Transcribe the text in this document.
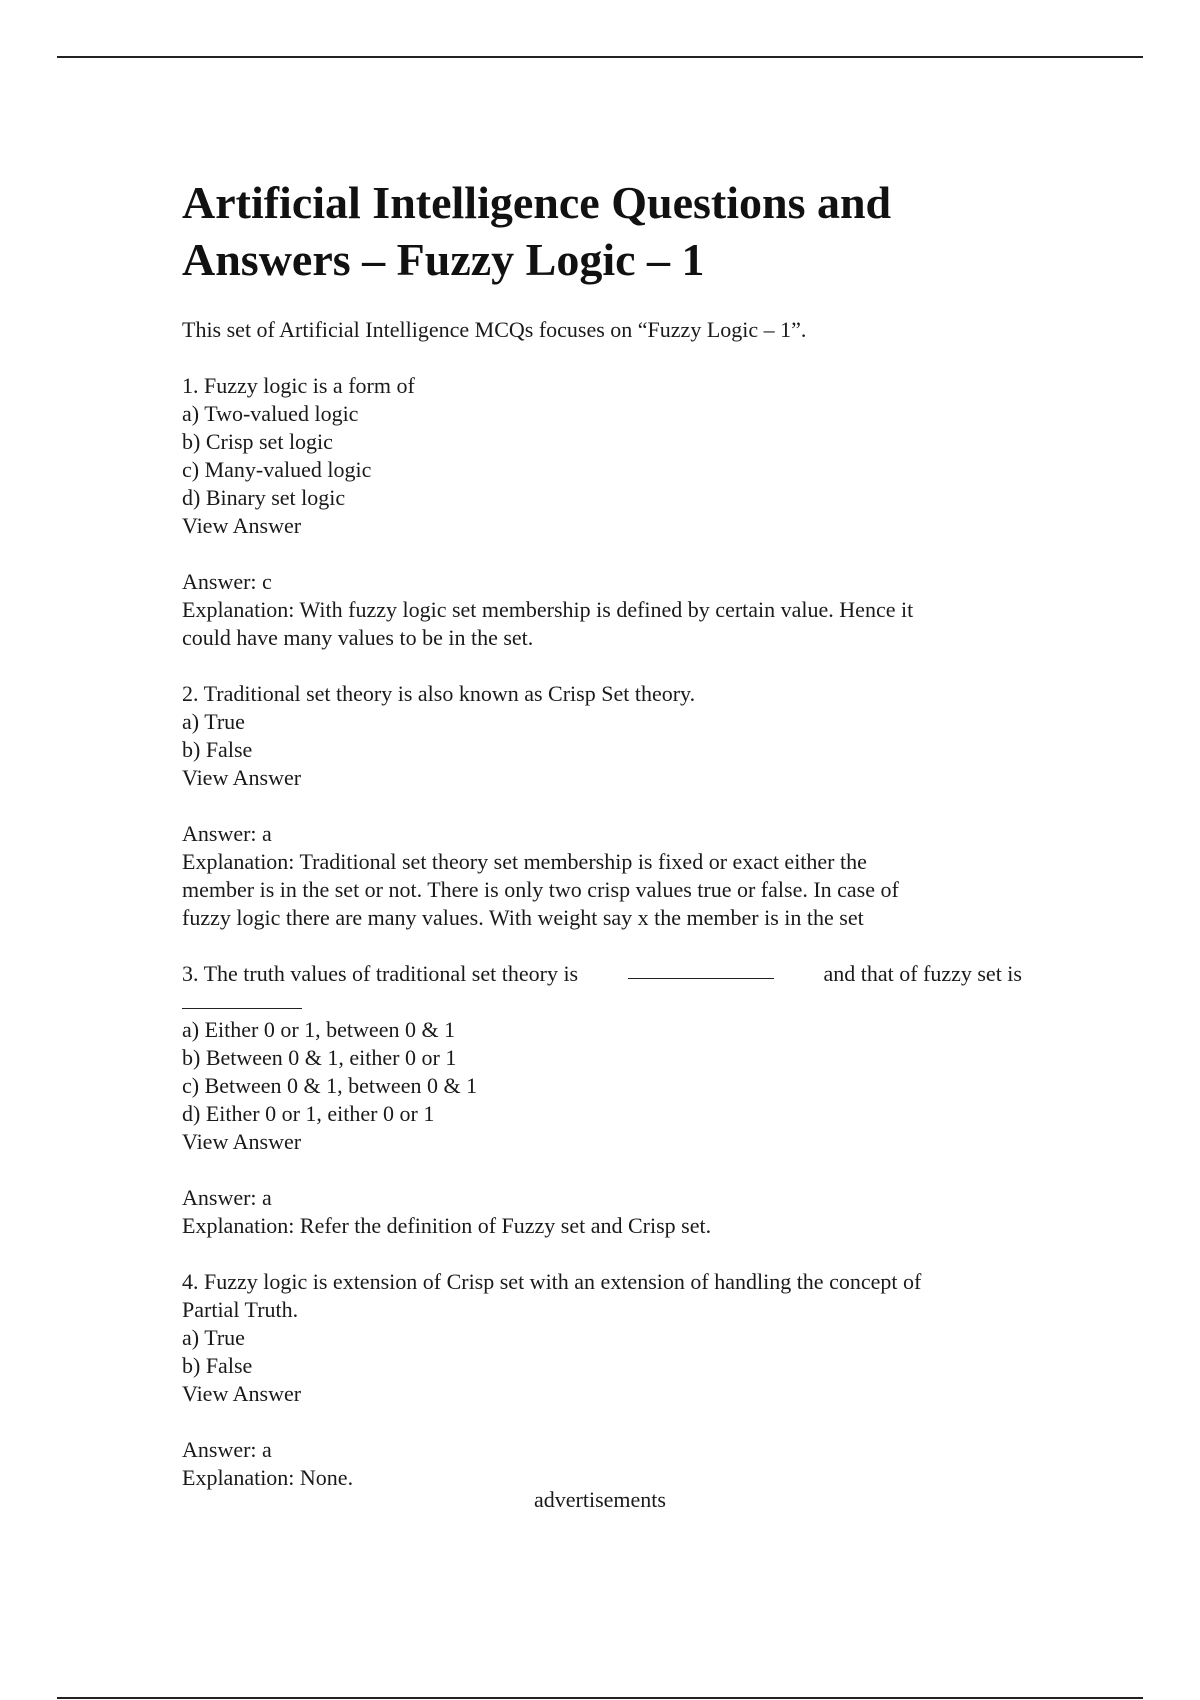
Artificial Intelligence Questions and
Answers – Fuzzy Logic – 1

This set of Artificial Intelligence MCQs focuses on “Fuzzy Logic – 1”.

1. Fuzzy logic is a form of
a) Two-valued logic
b) Crisp set logic
c) Many-valued logic
d) Binary set logic
View Answer
Answer: c
Explanation: With fuzzy logic set membership is defined by certain value. Hence it
could have many values to be in the set.
2. Traditional set theory is also known as Crisp Set theory.
a) True
b) False
View Answer
Answer: a
Explanation: Traditional set theory set membership is fixed or exact either the
member is in the set or not. There is only two crisp values true or false. In case of
fuzzy logic there are many values. With weight say x the member is in the set
3. The truth values of traditional set theory is	and that of fuzzy set is
a) Either 0 or 1, between 0 & 1
b) Between 0 & 1, either 0 or 1
c) Between 0 & 1, between 0 & 1
d) Either 0 or 1, either 0 or 1
View Answer
Answer: a
Explanation: Refer the definition of Fuzzy set and Crisp set.
4. Fuzzy logic is extension of Crisp set with an extension of handling the concept of
Partial Truth.
a) True
b) False
View Answer
Answer: a
Explanation: None.
advertisements
